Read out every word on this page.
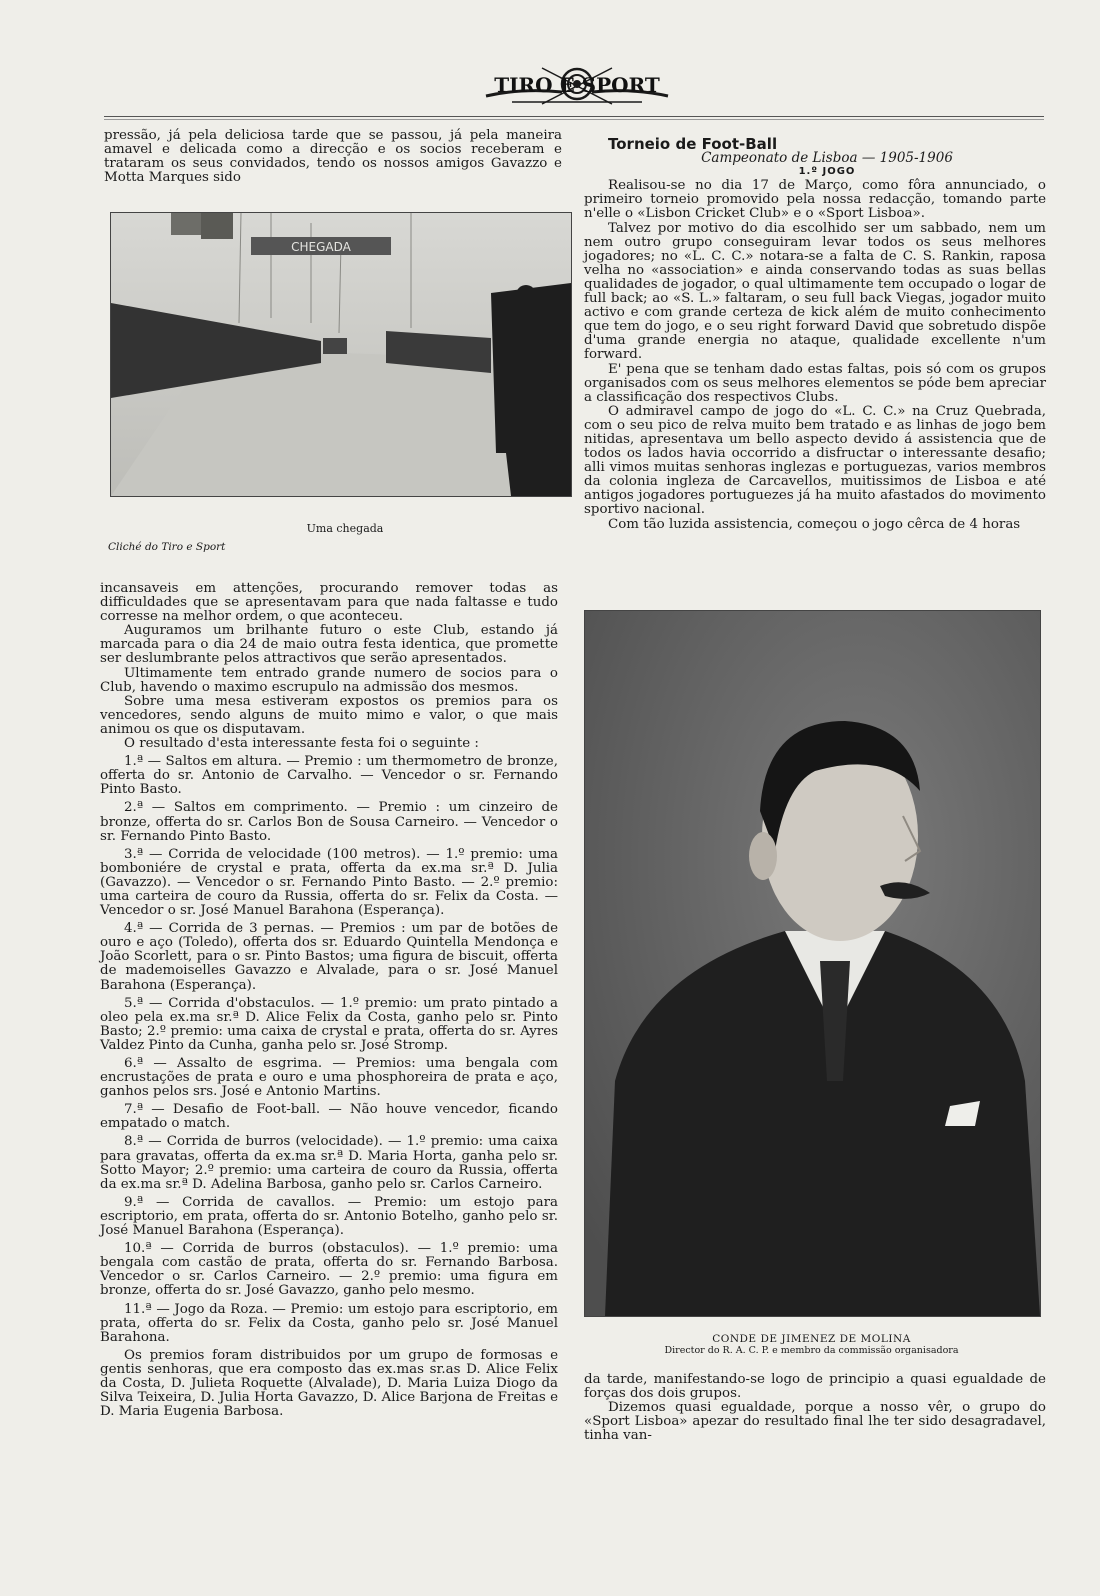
TIRO E SPORT

pressão, já pela deliciosa tarde que se passou, já pela maneira amavel e delicada como a direcção e os socios receberam e trataram os seus convidados, tendo os nossos amigos Gavazzo e Motta Marques sido

CHEGADA
Uma chegada
Cliché do Tiro e Sport

incansaveis em attenções, procurando remover todas as difficuldades que se apresentavam para que nada faltasse e tudo corresse na melhor ordem, o que aconteceu.

Auguramos um brilhante futuro o este Club, estando já marcada para o dia 24 de maio outra festa identica, que promette ser deslumbrante pelos attractivos que serão apresentados.

Ultimamente tem entrado grande numero de socios para o Club, havendo o maximo escrupulo na admissão dos mesmos.

Sobre uma mesa estiveram expostos os premios para os vencedores, sendo alguns de muito mimo e valor, o que mais animou os que os disputavam.

O resultado d'esta interessante festa foi o seguinte :

1.ª — Saltos em altura. — Premio : um thermometro de bronze, offerta do sr. Antonio de Carvalho. — Vencedor o sr. Fernando Pinto Basto.

2.ª — Saltos em comprimento. — Premio : um cinzeiro de bronze, offerta do sr. Carlos Bon de Sousa Carneiro. — Vencedor o sr. Fernando Pinto Basto.

3.ª — Corrida de velocidade (100 metros). — 1.º premio: uma bomboniére de crystal e prata, offerta da ex.ma sr.ª D. Julia (Gavazzo). — Vencedor o sr. Fernando Pinto Basto. — 2.º premio: uma carteira de couro da Russia, offerta do sr. Felix da Costa. — Vencedor o sr. José Manuel Barahona (Esperança).

4.ª — Corrida de 3 pernas. — Premios : um par de botões de ouro e aço (Toledo), offerta dos sr. Eduardo Quintella Mendonça e João Scorlett, para o sr. Pinto Bastos; uma figura de biscuit, offerta de mademoiselles Gavazzo e Alvalade, para o sr. José Manuel Barahona (Esperança).

5.ª — Corrida d'obstaculos. — 1.º premio: um prato pintado a oleo pela ex.ma sr.ª D. Alice Felix da Costa, ganho pelo sr. Pinto Basto; 2.º premio: uma caixa de crystal e prata, offerta do sr. Ayres Valdez Pinto da Cunha, ganha pelo sr. José Stromp.

6.ª — Assalto de esgrima. — Premios: uma bengala com encrustações de prata e ouro e uma phosphoreira de prata e aço, ganhos pelos srs. José e Antonio Martins.

7.ª — Desafio de Foot-ball. — Não houve vencedor, ficando empatado o match.

8.ª — Corrida de burros (velocidade). — 1.º premio: uma caixa para gravatas, offerta da ex.ma sr.ª D. Maria Horta, ganha pelo sr. Sotto Mayor; 2.º premio: uma carteira de couro da Russia, offerta da ex.ma sr.ª D. Adelina Barbosa, ganho pelo sr. Carlos Carneiro.

9.ª — Corrida de cavallos. — Premio: um estojo para escriptorio, em prata, offerta do sr. Antonio Botelho, ganho pelo sr. José Manuel Barahona (Esperança).

10.ª — Corrida de burros (obstaculos). — 1.º premio: uma bengala com castão de prata, offerta do sr. Fernando Barbosa. Vencedor o sr. Carlos Carneiro. — 2.º premio: uma figura em bronze, offerta do sr. José Gavazzo, ganho pelo mesmo.

11.ª — Jogo da Roza. — Premio: um estojo para escriptorio, em prata, offerta do sr. Felix da Costa, ganho pelo sr. José Manuel Barahona.

Os premios foram distribuidos por um grupo de formosas e gentis senhoras, que era composto das ex.mas sr.as D. Alice Felix da Costa, D. Julieta Roquette (Alvalade), D. Maria Luiza Diogo da Silva Teixeira, D. Julia Horta Gavazzo, D. Alice Barjona de Freitas e D. Maria Eugenia Barbosa.

Torneio de Foot-Ball

Campeonato de Lisboa — 1905-1906

1.º JOGO

Realisou-se no dia 17 de Março, como fôra annunciado, o primeiro torneio promovido pela nossa redacção, tomando parte n'elle o «Lisbon Cricket Club» e o «Sport Lisboa».

Talvez por motivo do dia escolhido ser um sabbado, nem um nem outro grupo conseguiram levar todos os seus melhores jogadores; no «L. C. C.» notara-se a falta de C. S. Rankin, raposa velha no «association» e ainda conservando todas as suas bellas qualidades de jogador, o qual ultimamente tem occupado o logar de full back; ao «S. L.» faltaram, o seu full back Viegas, jogador muito activo e com grande certeza de kick além de muito conhecimento que tem do jogo, e o seu right forward David que sobretudo dispõe d'uma grande energia no ataque, qualidade excellente n'um forward.

E' pena que se tenham dado estas faltas, pois só com os grupos organisados com os seus melhores elementos se póde bem apreciar a classificação dos respectivos Clubs.

O admiravel campo de jogo do «L. C. C.» na Cruz Quebrada, com o seu pico de relva muito bem tratado e as linhas de jogo bem nitidas, apresentava um bello aspecto devido á assistencia que de todos os lados havia occorrido a disfructar o interessante desafio; alli vimos muitas senhoras inglezas e portuguezas, varios membros da colonia ingleza de Carcavellos, muitissimos de Lisboa e até antigos jogadores portuguezes já ha muito afastados do movimento sportivo nacional.

Com tão luzida assistencia, começou o jogo cêrca de 4 horas

CONDE DE JIMENEZ DE MOLINA
Director do R. A. C. P. e membro da commissão organisadora

da tarde, manifestando-se logo de principio a quasi egualdade de forças dos dois grupos.

Dizemos quasi egualdade, porque a nosso vêr, o grupo do «Sport Lisboa» apezar do resultado final lhe ter sido desagradavel, tinha van-
